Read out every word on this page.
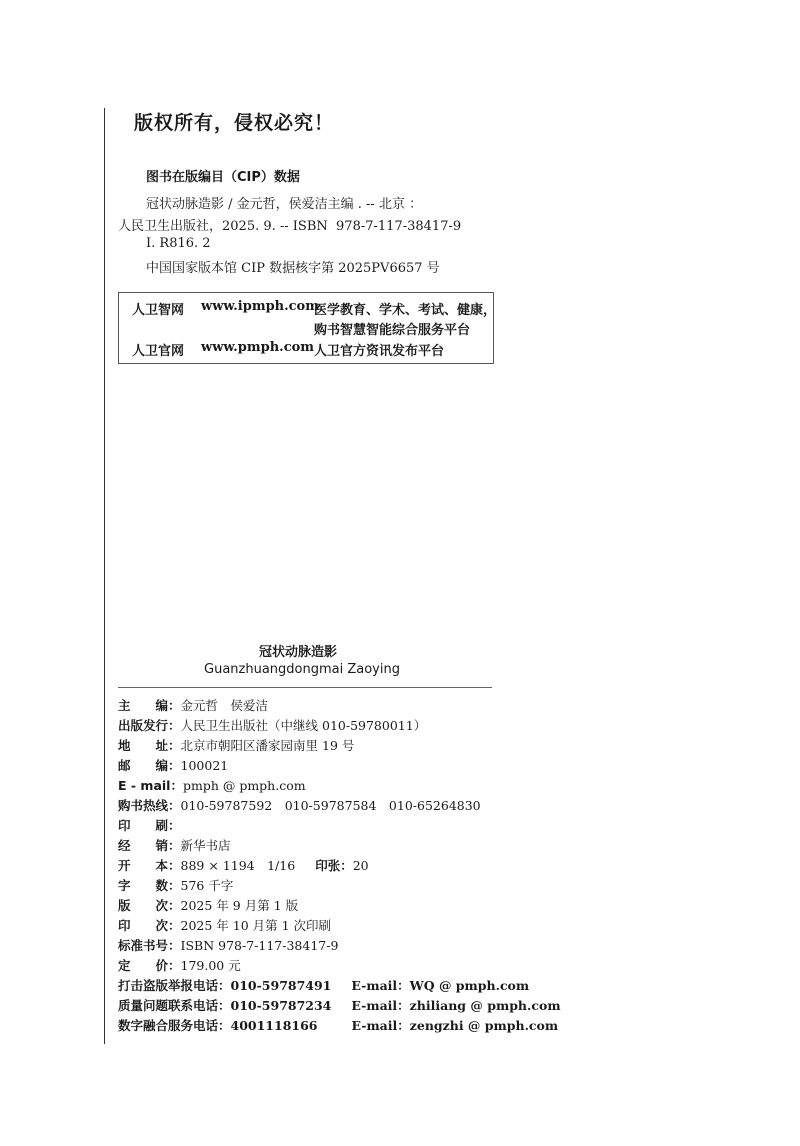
版权所有，侵权必究！
图书在版编目（CIP）数据
冠状动脉造影 / 金元哲，侯爱洁主编 . -- 北京 ：
人民卫生出版社，2025. 9. -- ISBN  978-7-117-38417-9
Ⅰ. R816. 2
中国国家版本馆 CIP 数据核字第 2025PV6657 号
人卫智网 www.ipmph.com
医学教育、学术、考试、健康，
购书智慧智能综合服务平台
人卫官网 www.pmph.com 人卫官方资讯发布平台
冠状动脉造影
Guanzhuangdongmai Zaoying
主　　编：金元哲　侯爱洁
出版发行：人民卫生出版社（中继线 010-59780011）
地　　址：北京市朝阳区潘家园南里 19 号
邮　　编：100021
E - mail：pmph @ pmph.com
购书热线：010-59787592　010-59787584　010-65264830
印　　刷：
经　　销：新华书店
开　　本：889 × 1194　1/16 印张：20
字　　数：576 千字
版　　次：2025 年 9 月第 1 版
印　　次：2025 年 10 月第 1 次印刷
标准书号：ISBN 978-7-117-38417-9
定　　价：179.00 元
打击盗版举报电话：010-59787491 E-mail：WQ @ pmph.com
质量问题联系电话：010-59787234 E-mail：zhiliang @ pmph.com
数字融合服务电话：4001118166	E-mail：zengzhi @ pmph.com
